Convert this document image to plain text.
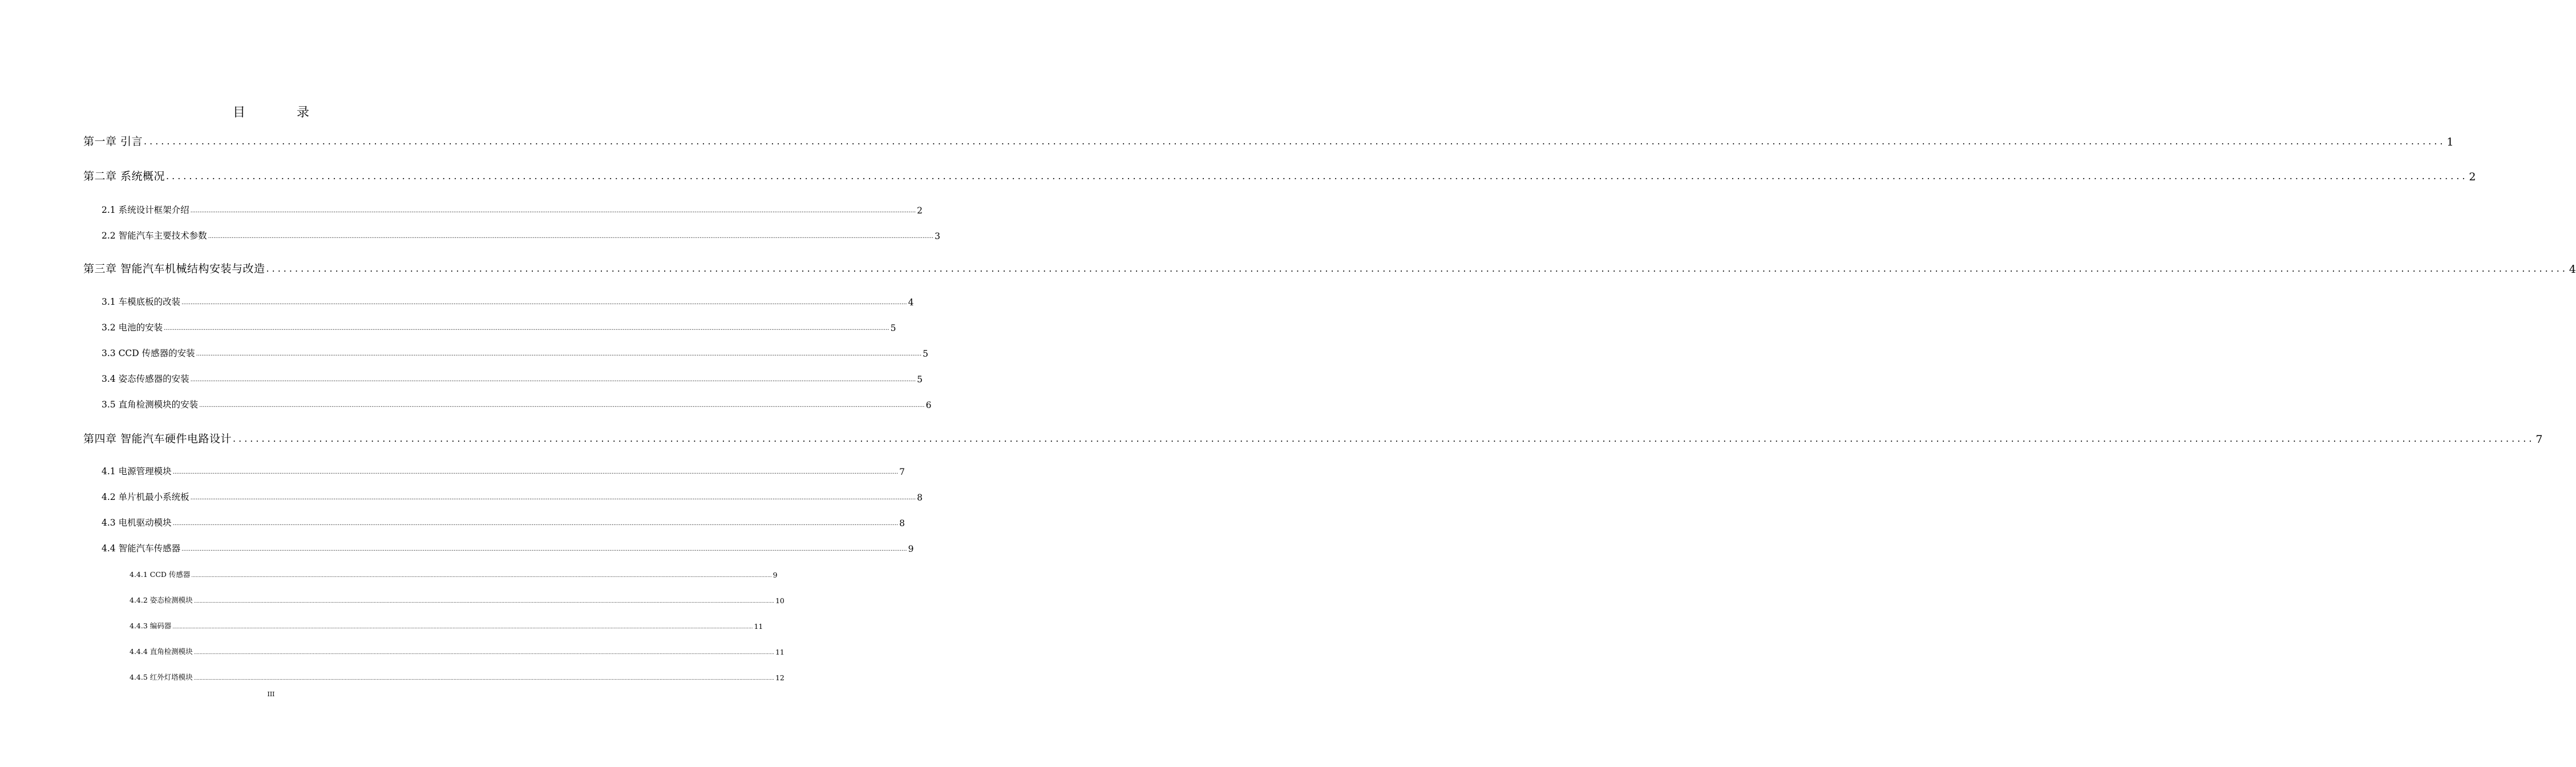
目　录
第一章 引言 ................................................................................................................................................................................................................................................................................................................................................................................................................ 1
第二章 系统概况 ................................................................................................................................................................................................................................................................................................................................................................................................................ 2
2.1 系统设计框架介绍 ................................................................................................................................................................................................................................................................................................................................................................................................................ 2
2.2 智能汽车主要技术参数 ................................................................................................................................................................................................................................................................................................................................................................................................................ 3
第三章 智能汽车机械结构安装与改造 ................................................................................................................................................................................................................................................................................................................................................................................................................ 4
3.1 车模底板的改装 ................................................................................................................................................................................................................................................................................................................................................................................................................ 4
3.2 电池的安装 ................................................................................................................................................................................................................................................................................................................................................................................................................ 5
3.3 CCD 传感器的安装 ................................................................................................................................................................................................................................................................................................................................................................................................................ 5
3.4 姿态传感器的安装 ................................................................................................................................................................................................................................................................................................................................................................................................................ 5
3.5 直角检测模块的安装 ................................................................................................................................................................................................................................................................................................................................................................................................................ 6
第四章 智能汽车硬件电路设计 ................................................................................................................................................................................................................................................................................................................................................................................................................ 7
4.1 电源管理模块 ................................................................................................................................................................................................................................................................................................................................................................................................................ 7
4.2 单片机最小系统板 ................................................................................................................................................................................................................................................................................................................................................................................................................ 8
4.3 电机驱动模块 ................................................................................................................................................................................................................................................................................................................................................................................................................ 8
4.4 智能汽车传感器 ................................................................................................................................................................................................................................................................................................................................................................................................................ 9
4.4.1 CCD 传感器 ................................................................................................................................................................................................................................................................................................................................................................................................................ 9
4.4.2 姿态检测模块 ................................................................................................................................................................................................................................................................................................................................................................................................................ 10
4.4.3 编码器 ................................................................................................................................................................................................................................................................................................................................................................................................................ 11
4.4.4 直角检测模块 ................................................................................................................................................................................................................................................................................................................................................................................................................ 11
4.4.5 红外灯塔模块 ................................................................................................................................................................................................................................................................................................................................................................................................................ 12
III
